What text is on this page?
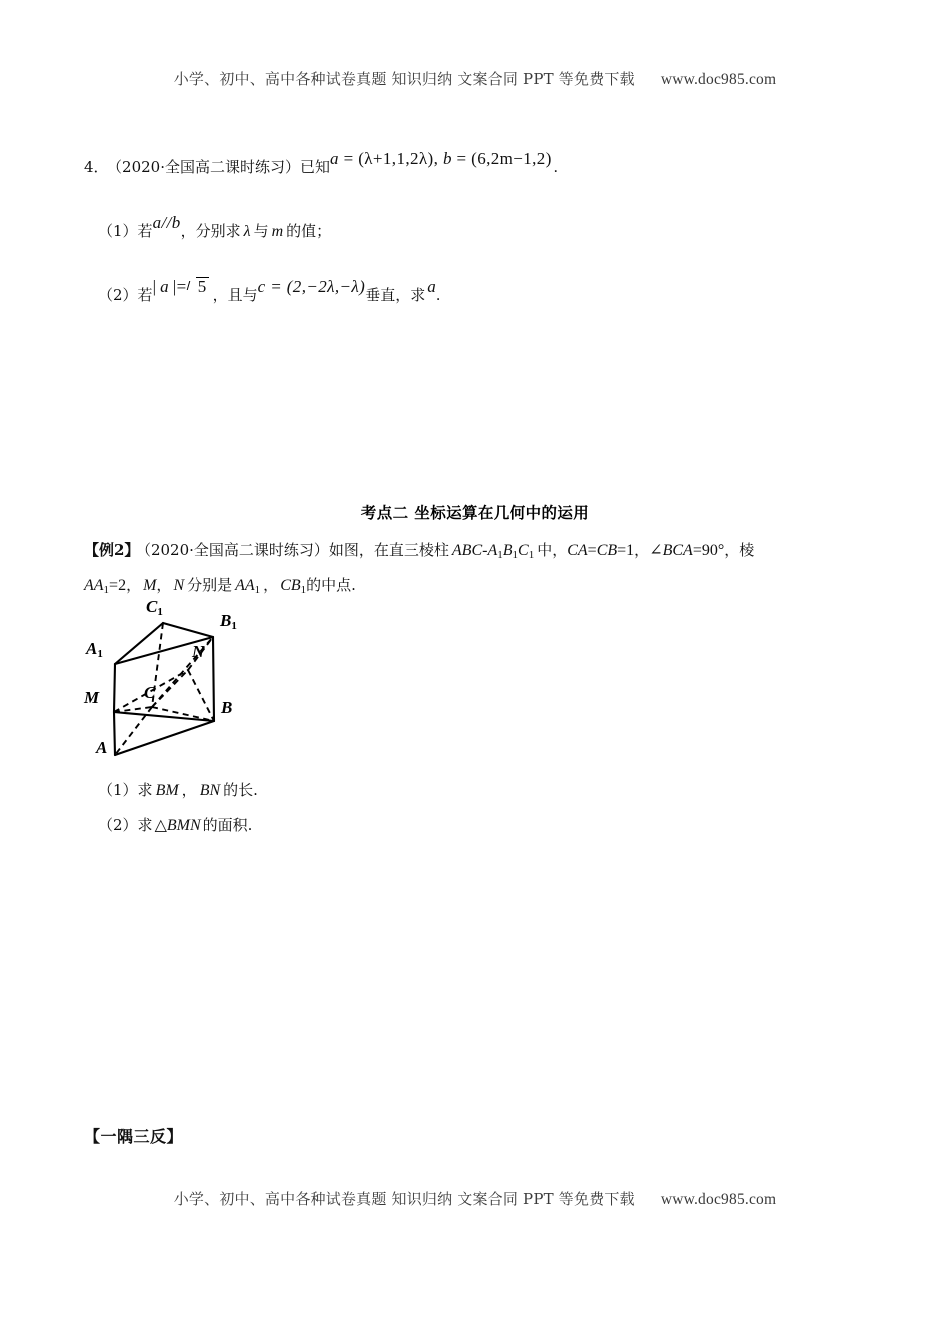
小学、初中、高中各种试卷真题 知识归纳 文案合同 PPT 等免费下载 www.doc985.com
4． （2020·全国高二课时练习）已知a = (λ+1,1,2λ), b = (6,2m−1,2) .
（1）若a//b，分别求 λ 与 m 的值；
（2）若| a |= 5 ，且与c = (2,−2λ,−λ)垂直，求 a.
考点二 坐标运算在几何中的运用
【例2】 （2020·全国高二课时练习）如图，在直三棱柱 ABC-A1B1C1 中，CA=CB=1，∠BCA=90°，棱
AA1=2， M， N 分别是 AA1 ， CB1的中点.
C1	B1
A1	N
M	C
B
A
（1）求 BM ， BN 的长.
（2）求 △BMN 的面积.
【一隅三反】
小学、初中、高中各种试卷真题 知识归纳 文案合同 PPT 等免费下载 www.doc985.com
